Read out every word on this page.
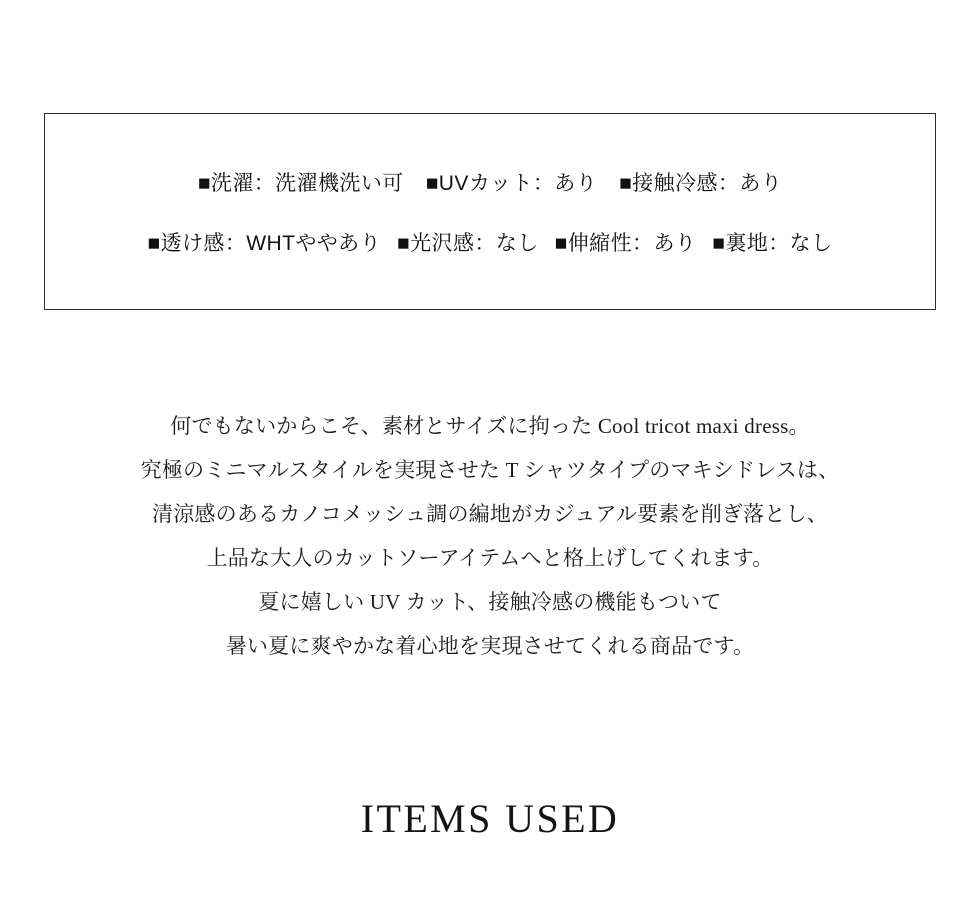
■洗濯：洗濯機洗い可 ■UVカット：あり ■接触冷感：あり
■透け感：WHTややあり ■光沢感：なし ■伸縮性：あり ■裏地：なし

何でもないからこそ、素材とサイズに拘った Cool tricot maxi dress。

究極のミニマルスタイルを実現させた T シャツタイプのマキシドレスは、

清涼感のあるカノコメッシュ調の編地がカジュアル要素を削ぎ落とし、

上品な大人のカットソーアイテムへと格上げしてくれます。

夏に嬉しい UV カット、接触冷感の機能もついて

暑い夏に爽やかな着心地を実現させてくれる商品です。

ITEMS USED
